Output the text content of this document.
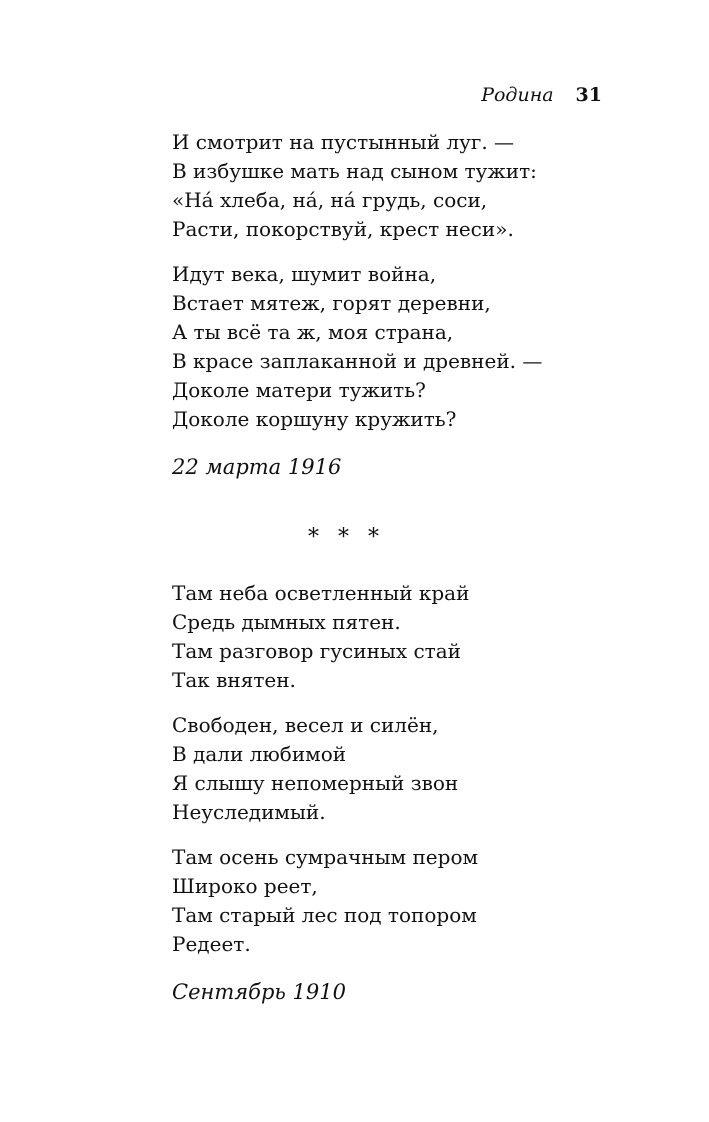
Родина 31
И смотрит на пустынный луг. —
В избушке мать над сыном тужит:
«На́ хлеба, на́, на́ грудь, соси,
Расти, покорствуй, крест неси».
Идут века, шумит война,
Встает мятеж, горят деревни,
А ты всё та ж, моя страна,
В красе заплаканной и древней. —
Доколе матери тужить?
Доколе коршуну кружить?
22 марта 1916
* * *
Там неба осветленный край
Средь дымных пятен.
Там разговор гусиных стай
Так внятен.
Свободен, весел и силён,
В дали любимой
Я слышу непомерный звон
Неуследимый.
Там осень сумрачным пером
Широко реет,
Там старый лес под топором
Редеет.
Сентябрь 1910
